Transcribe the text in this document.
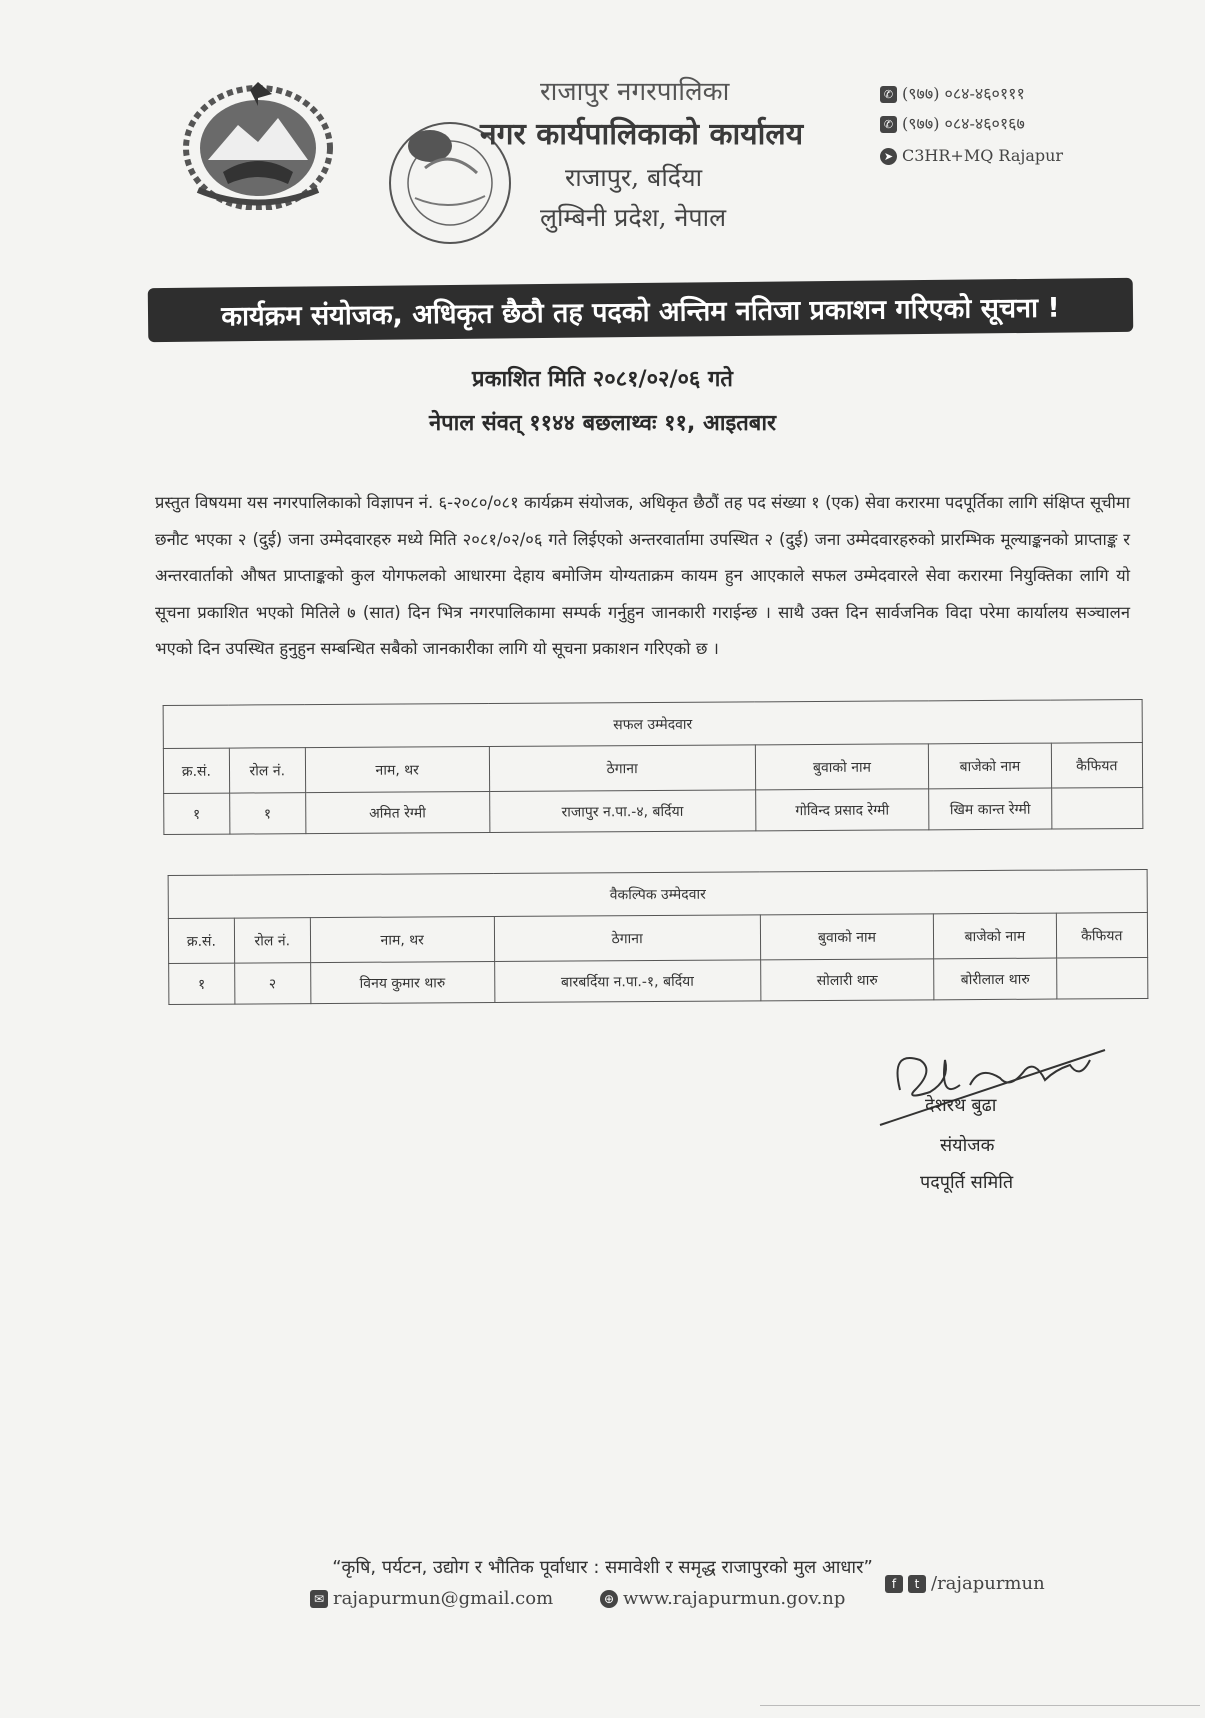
राजापुर नगरपालिका
नगर कार्यपालिकाको कार्यालय
राजापुर, बर्दिया
लुम्बिनी प्रदेश, नेपाल
✆ (९७७) ०८४-४६०१११
✆ (९७७) ०८४-४६०१६७
➤ C3HR+MQ Rajapur
कार्यक्रम संयोजक, अधिकृत छैठौ तह पदको अन्तिम नतिजा प्रकाशन गरिएको सूचना !
प्रकाशित मिति २०८१/०२/०६ गते
नेपाल संवत् ११४४ बछलाथ्वः ११, आइतबार
प्रस्तुत विषयमा यस नगरपालिकाको विज्ञापन नं. ६-२०८०/०८१ कार्यक्रम संयोजक, अधिकृत छैठौं तह पद संख्या १ (एक) सेवा करारमा पदपूर्तिका लागि संक्षिप्त सूचीमा छनौट भएका २ (दुई) जना उम्मेदवारहरु मध्ये मिति २०८१/०२/०६ गते लिईएको अन्तरवार्तामा उपस्थित २ (दुई) जना उम्मेदवारहरुको प्रारम्भिक मूल्याङ्कनको प्राप्ताङ्क र अन्तरवार्ताको औषत प्राप्ताङ्कको कुल योगफलको आधारमा देहाय बमोजिम योग्यताक्रम कायम हुन आएकाले सफल उम्मेदवारले सेवा करारमा नियुक्तिका लागि यो सूचना प्रकाशित भएको मितिले ७ (सात) दिन भित्र नगरपालिकामा सम्पर्क गर्नुहुन जानकारी गराईन्छ । साथै उक्त दिन सार्वजनिक विदा परेमा कार्यालय सञ्चालन भएको दिन उपस्थित हुनुहुन सम्बन्धित सबैको जानकारीका लागि यो सूचना प्रकाशन गरिएको छ ।
सफल उम्मेदवार						
क्र.सं.	रोल नं.	नाम, थर	ठेगाना	बुवाको नाम	बाजेको नाम	कैफियत
१	१	अमित रेग्मी	राजापुर न.पा.-४, बर्दिया	गोविन्द प्रसाद रेग्मी	खिम कान्त रेग्मी	
वैकल्पिक उम्मेदवार						
क्र.सं.	रोल नं.	नाम, थर	ठेगाना	बुवाको नाम	बाजेको नाम	कैफियत
१	२	विनय कुमार थारु	बारबर्दिया न.पा.-१, बर्दिया	सोलारी थारु	बोरीलाल थारु	
देशरथ बुढा
संयोजक
पदपूर्ति समिति
“कृषि, पर्यटन, उद्योग र भौतिक पूर्वाधार : समावेशी र समृद्ध राजापुरको मुल आधार”
✉ rajapurmun@gmail.com	⊕ www.rajapurmun.gov.np
f t /rajapurmun
